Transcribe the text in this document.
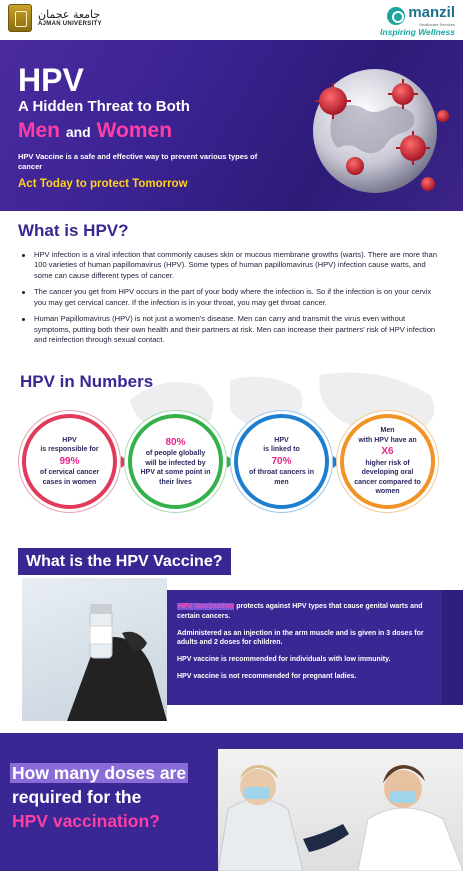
جامعة عجمان
AJMAN UNIVERSITY
manzil
Healthcare Services
Inspiring Wellness
HPV
A Hidden Threat to Both
Men and Women
HPV Vaccine is a safe and effective way to prevent various types of cancer
Act Today to protect Tomorrow
What is HPV?
HPV infection is a viral infection that commonly causes skin or mucous membrane growths (warts). There are more than 100 varieties of human papillomavirus (HPV). Some types of human papillomavirus (HPV) infection cause warts, and some can cause different types of cancer.
The cancer you get from HPV occurs in the part of your body where the infection is. So if the infection is on your cervix you may get cervical cancer. If the infection is in your throat, you may get throat cancer.
Human Papillomavirus (HPV) is not just a women's disease. Men can carry and transmit the virus even without symptoms, putting both their own health and their partners at risk. Men can increase their partners' risk of HPV infection and reinfection through sexual contact.
HPV in Numbers
HPV
is responsible for
99%
of cervical cancer cases in women
80%
of people globally will be infected by HPV at some point in their lives
HPV
is linked to
70%
of throat cancers in men
Men
with HPV have an
X6
higher risk of developing oral cancer compared to women
What is the HPV Vaccine?

HPV Vaccination protects against HPV types that cause genital warts and certain cancers.

Administered as an injection in the arm muscle and is given in 3 doses for adults and 2 doses for children.

HPV vaccine is recommended for individuals with low immunity.

HPV vaccine is not recommended for pregnant ladies.

How many doses are
required for the
HPV vaccination?
